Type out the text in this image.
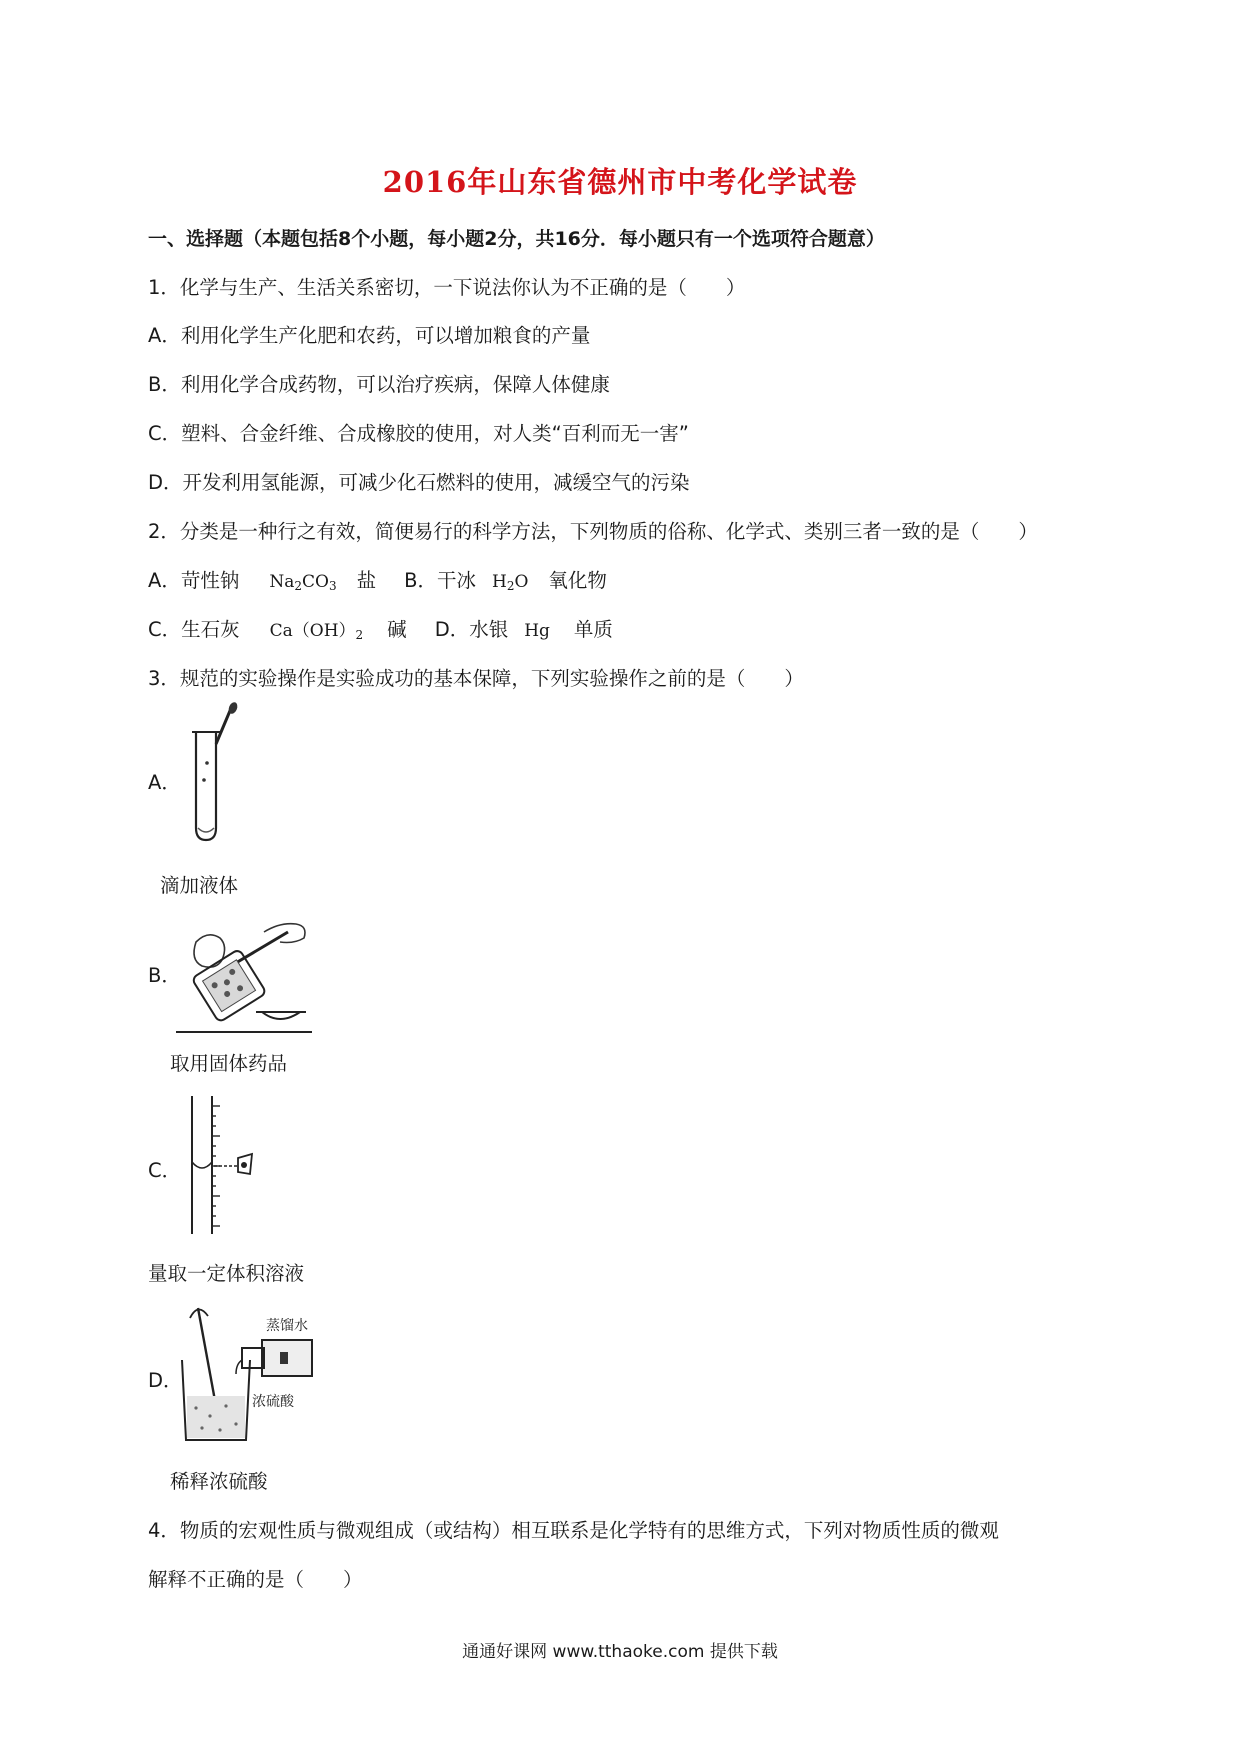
2016年山东省德州市中考化学试卷
一、选择题（本题包括8个小题，每小题2分，共16分．每小题只有一个选项符合题意）
1．化学与生产、生活关系密切，一下说法你认为不正确的是（　　）
A．利用化学生产化肥和农药，可以增加粮食的产量
B．利用化学合成药物，可以治疗疾病，保障人体健康
C．塑料、合金纤维、合成橡胶的使用，对人类“百利而无一害”
D．开发利用氢能源，可减少化石燃料的使用，减缓空气的污染
2．分类是一种行之有效，简便易行的科学方法，下列物质的俗称、化学式、类别三者一致的是（　　）
A．苛性钠 $Na_2CO_3$ 盐 B．干冰 $H_2O$ 氧化物
C．生石灰 $Ca(OH)_2$ 碱 D．水银 Hg 单质
3．规范的实验操作是实验成功的基本保障，下列实验操作之前的是（　　）
A．
滴加液体
B．
取用固体药品
C．
量取一定体积溶液
D．
蒸馏水
浓硫酸
稀释浓硫酸
4．物质的宏观性质与微观组成（或结构）相互联系是化学特有的思维方式，下列对物质性质的微观
解释不正确的是（　　）
通通好课网 www.tthaoke.com 提供下载
